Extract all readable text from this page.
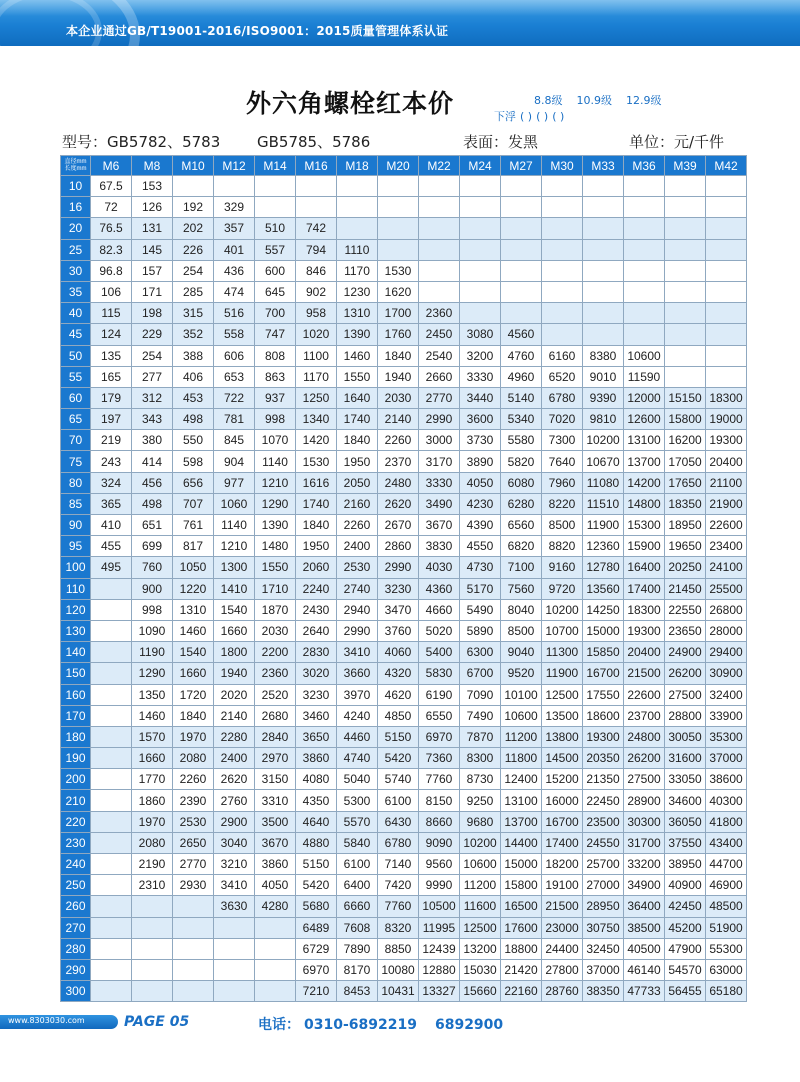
本企业通过GB/T19001-2016/ISO9001：2015质量管理体系认证
外六角螺栓红本价	8.8级 10.9级 12.9级
下浮 ( ) ( ) ( )
型号：GB5782、5783 GB5785、5786	表面：发黑	单位：元/千件
直径mm
长度mm	M6	M8	M10	M12	M14	M16	M18	M20	M22	M24	M27	M30	M33	M36	M39	M42
10	67.5	153														
16	72	126	192	329												
20	76.5	131	202	357	510	742										
25	82.3	145	226	401	557	794	1110									
30	96.8	157	254	436	600	846	1170	1530								
35	106	171	285	474	645	902	1230	1620								
40	115	198	315	516	700	958	1310	1700	2360							
45	124	229	352	558	747	1020	1390	1760	2450	3080	4560					
50	135	254	388	606	808	1100	1460	1840	2540	3200	4760	6160	8380	10600		
55	165	277	406	653	863	1170	1550	1940	2660	3330	4960	6520	9010	11590		
60	179	312	453	722	937	1250	1640	2030	2770	3440	5140	6780	9390	12000	15150	18300
65	197	343	498	781	998	1340	1740	2140	2990	3600	5340	7020	9810	12600	15800	19000
70	219	380	550	845	1070	1420	1840	2260	3000	3730	5580	7300	10200	13100	16200	19300
75	243	414	598	904	1140	1530	1950	2370	3170	3890	5820	7640	10670	13700	17050	20400
80	324	456	656	977	1210	1616	2050	2480	3330	4050	6080	7960	11080	14200	17650	21100
85	365	498	707	1060	1290	1740	2160	2620	3490	4230	6280	8220	11510	14800	18350	21900
90	410	651	761	1140	1390	1840	2260	2670	3670	4390	6560	8500	11900	15300	18950	22600
95	455	699	817	1210	1480	1950	2400	2860	3830	4550	6820	8820	12360	15900	19650	23400
100	495	760	1050	1300	1550	2060	2530	2990	4030	4730	7100	9160	12780	16400	20250	24100
110		900	1220	1410	1710	2240	2740	3230	4360	5170	7560	9720	13560	17400	21450	25500
120		998	1310	1540	1870	2430	2940	3470	4660	5490	8040	10200	14250	18300	22550	26800
130		1090	1460	1660	2030	2640	2990	3760	5020	5890	8500	10700	15000	19300	23650	28000
140		1190	1540	1800	2200	2830	3410	4060	5400	6300	9040	11300	15850	20400	24900	29400
150		1290	1660	1940	2360	3020	3660	4320	5830	6700	9520	11900	16700	21500	26200	30900
160		1350	1720	2020	2520	3230	3970	4620	6190	7090	10100	12500	17550	22600	27500	32400
170		1460	1840	2140	2680	3460	4240	4850	6550	7490	10600	13500	18600	23700	28800	33900
180		1570	1970	2280	2840	3650	4460	5150	6970	7870	11200	13800	19300	24800	30050	35300
190		1660	2080	2400	2970	3860	4740	5420	7360	8300	11800	14500	20350	26200	31600	37000
200		1770	2260	2620	3150	4080	5040	5740	7760	8730	12400	15200	21350	27500	33050	38600
210		1860	2390	2760	3310	4350	5300	6100	8150	9250	13100	16000	22450	28900	34600	40300
220		1970	2530	2900	3500	4640	5570	6430	8660	9680	13700	16700	23500	30300	36050	41800
230		2080	2650	3040	3670	4880	5840	6780	9090	10200	14400	17400	24550	31700	37550	43400
240		2190	2770	3210	3860	5150	6100	7140	9560	10600	15000	18200	25700	33200	38950	44700
250		2310	2930	3410	4050	5420	6400	7420	9990	11200	15800	19100	27000	34900	40900	46900
260				3630	4280	5680	6660	7760	10500	11600	16500	21500	28950	36400	42450	48500
270						6489	7608	8320	11995	12500	17600	23000	30750	38500	45200	51900
280						6729	7890	8850	12439	13200	18800	24400	32450	40500	47900	55300
290						6970	8170	10080	12880	15030	21420	27800	37000	46140	54570	63000
300						7210	8453	10431	13327	15660	22160	28760	38350	47733	56455	65180
www.8303030.com	PAGE 05	电话： 0310-6892219 6892900
